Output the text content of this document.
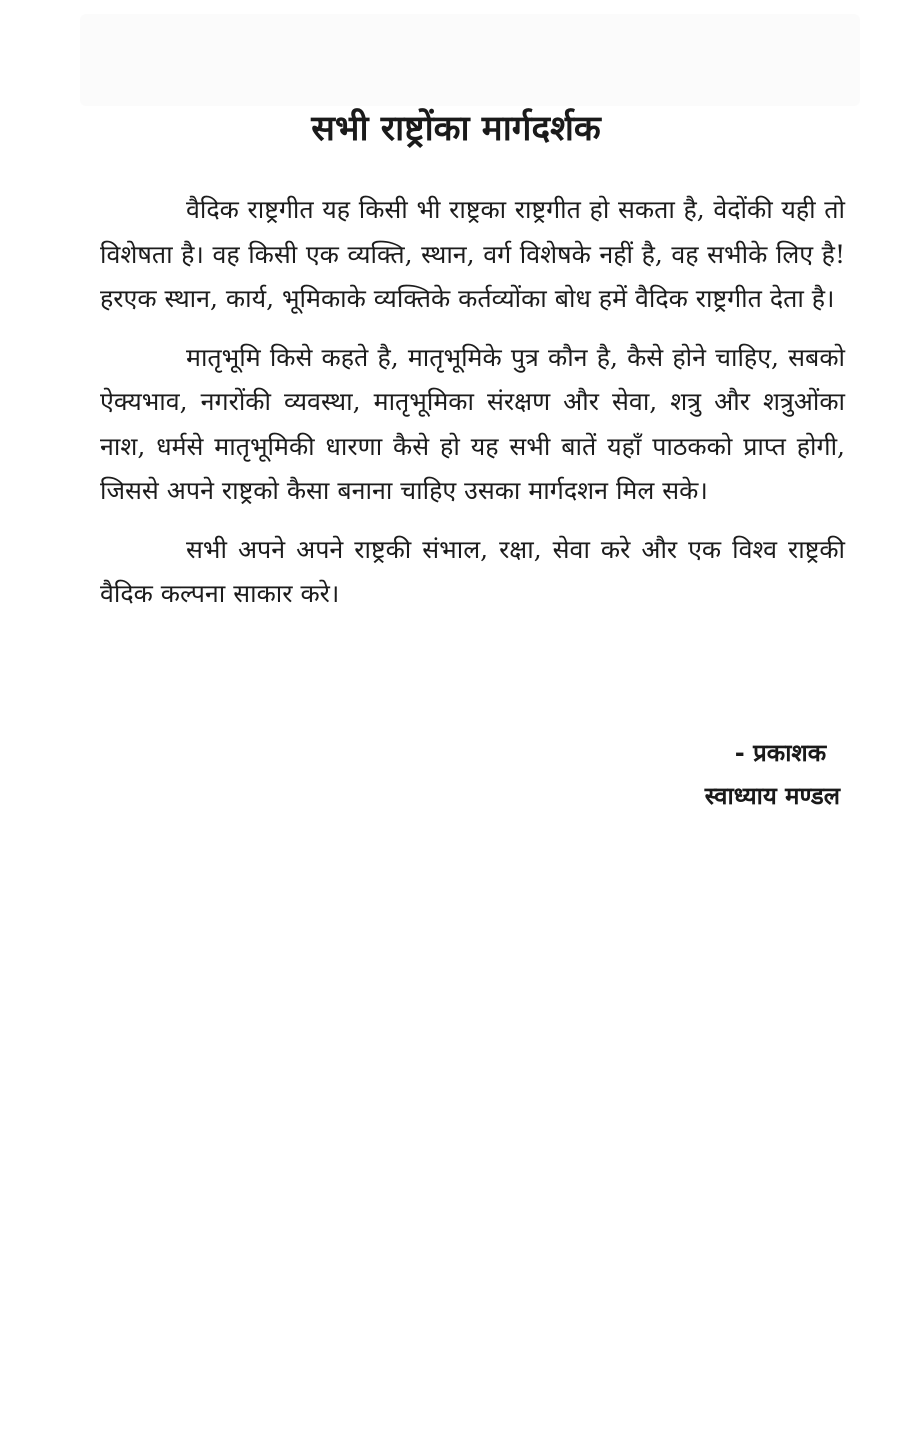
सभी राष्ट्रोंका मार्गदर्शक

वैदिक राष्ट्रगीत यह किसी भी राष्ट्रका राष्ट्रगीत हो सकता है, वेदोंकी यही तो विशेषता है। वह किसी एक व्यक्ति, स्थान, वर्ग विशेषके नहीं है, वह सभीके लिए है! हरएक स्थान, कार्य, भूमिकाके व्यक्तिके कर्तव्योंका बोध हमें वैदिक राष्ट्रगीत देता है।

मातृभूमि किसे कहते है, मातृभूमिके पुत्र कौन है, कैसे होने चाहिए, सबको ऐक्यभाव, नगरोंकी व्यवस्था, मातृभूमिका संरक्षण और सेवा, शत्रु और शत्रुओंका नाश, धर्मसे मातृभूमिकी धारणा कैसे हो यह सभी बातें यहाँ पाठकको प्राप्त होगी, जिससे अपने राष्ट्रको कैसा बनाना चाहिए उसका मार्गदशन मिल सके।

सभी अपने अपने राष्ट्रकी संभाल, रक्षा, सेवा करे और एक विश्व राष्ट्रकी वैदिक कल्पना साकार करे।

- प्रकाशक
स्वाध्याय मण्डल
